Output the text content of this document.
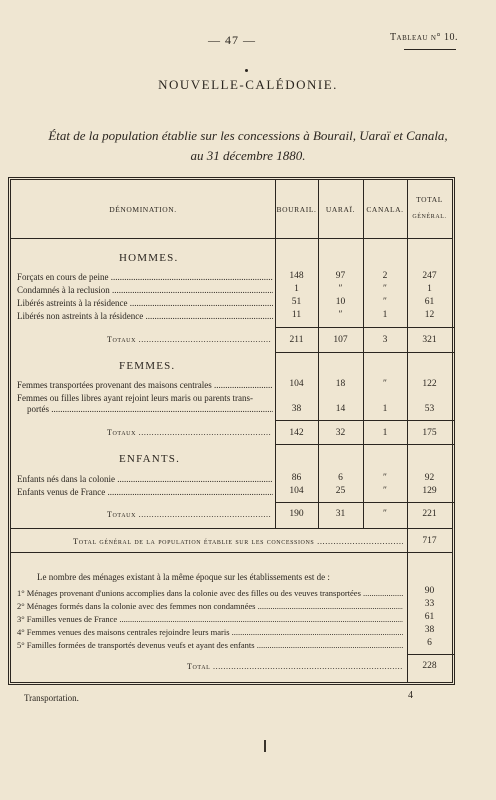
— 47 —	Tableau n° 10.
NOUVELLE-CALÉDONIE.
État de la population établie sur les concessions à Bourail, Uaraï et Canala,
au 31 décembre 1880.
DÉNOMINATION.	BOURAIL.	UARAÏ.	CANALA.
TOTAL
GÉNÉRAL.
HOMMES.
Forçats en cours de peine .....	148	97	2	247
Condamnés à la reclusion .....	1	″	″	1
Libérés astreints à la résidence .....	51	10	″	61
Libérés non astreints à la résidence .....	11	″	1	12
Totaux .....	211	107	3	321
FEMMES.
Femmes transportées provenant des maisons centrales .....	104	18	″	122
Femmes ou filles libres ayant rejoint leurs maris ou parents trans-
portés .....	38	14	1	53
Totaux .....	142	32	1	175
ENFANTS.
Enfants nés dans la colonie .....	86	6	″	92
Enfants venus de France .....	104	25	″	129
Totaux .....	190	31	″	221
Total général de la population établie sur les concessions .....	717
Le nombre des ménages existant à la même époque sur les établissements est de :
1° Ménages provenant d'unions accomplies dans la colonie avec des filles ou des veuves transportées .....	90
2° Ménages formés dans la colonie avec des femmes non condamnées .....	33
3° Familles venues de France .....	61
4° Femmes venues des maisons centrales rejoindre leurs maris .....	38
5° Familles formées de transportés devenus veufs et ayant des enfants .....	6
Total .....	228
Transportation.	4
